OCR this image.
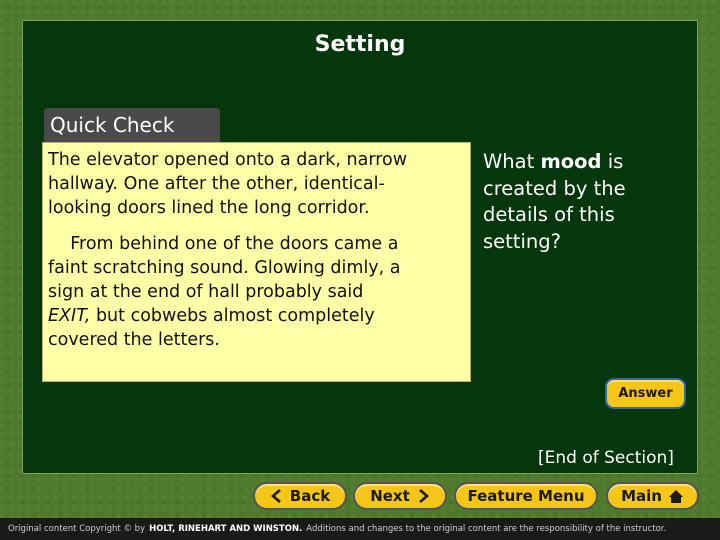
Setting
Quick Check
The elevator opened onto a dark, narrow
hallway. One after the other, identical-
looking doors lined the long corridor.
From behind one of the doors came a
faint scratching sound. Glowing dimly, a
sign at the end of hall probably said
EXIT, but cobwebs almost completely
covered the letters.
What mood is
created by the
details of this
setting?
Answer
[End of Section]
Back	Next	Feature Menu	Main
Original content Copyright © by HOLT, RINEHART AND WINSTON. Additions and changes to the original content are the responsibility of the instructor.
